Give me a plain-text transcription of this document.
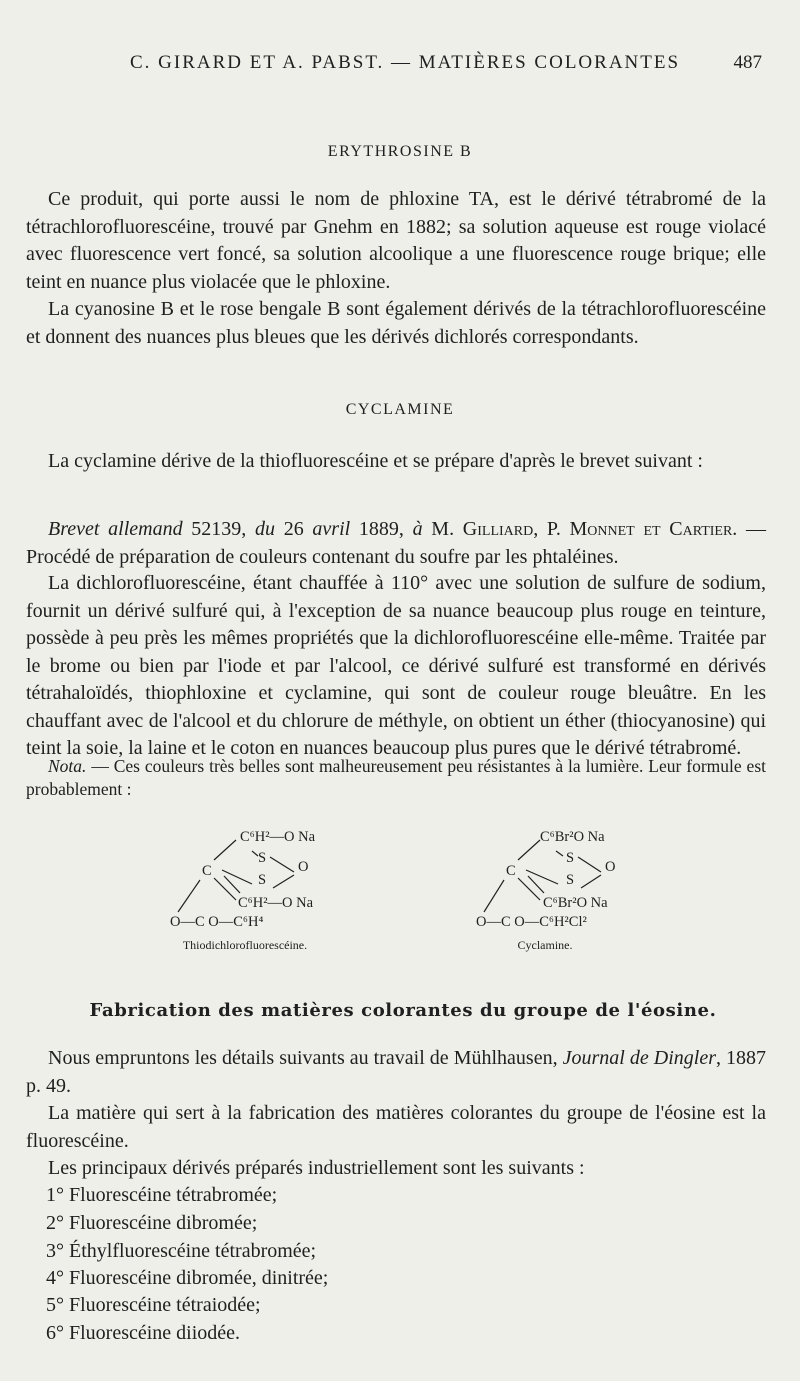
C. GIRARD ET A. PABST. — MATIÈRES COLORANTES	487
ERYTHROSINE B
Ce produit, qui porte aussi le nom de phloxine TA, est le dérivé tétrabromé de la tétrachlorofluorescéine, trouvé par Gnehm en 1882; sa solution aqueuse est rouge violacé avec fluorescence vert foncé, sa solution alcoolique a une fluorescence rouge brique; elle teint en nuance plus violacée que le phloxine.
La cyanosine B et le rose bengale B sont également dérivés de la tétrachlorofluorescéine et donnent des nuances plus bleues que les dérivés dichlorés correspondants.
CYCLAMINE
La cyclamine dérive de la thiofluorescéine et se prépare d'après le brevet suivant :
Brevet allemand 52139, du 26 avril 1889, à M. Gilliard, P. Monnet et Cartier. — Procédé de préparation de couleurs contenant du soufre par les phtaléines.
La dichlorofluorescéine, étant chauffée à 110° avec une solution de sulfure de sodium, fournit un dérivé sulfuré qui, à l'exception de sa nuance beaucoup plus rouge en teinture, possède à peu près les mêmes propriétés que la dichlorofluorescéine elle-même. Traitée par le brome ou bien par l'iode et par l'alcool, ce dérivé sulfuré est transformé en dérivés tétrahaloïdés, thiophloxine et cyclamine, qui sont de couleur rouge bleuâtre. En les chauffant avec de l'alcool et du chlorure de méthyle, on obtient un éther (thiocyanosine) qui teint la soie, la laine et le coton en nuances beaucoup plus pures que le dérivé tétrabromé.
Nota. — Ces couleurs très belles sont malheureusement peu résistantes à la lumière. Leur formule est probablement :
C⁶H²—O Na
S
O
C
S
C⁶H²—O Na
O—C O—C⁶H⁴
Thiodichlorofluorescéine.
C⁶Br²O Na
S
O
C
S
C⁶Br²O Na
O—C O—C⁶H²Cl²
Cyclamine.
Fabrication des matières colorantes du groupe de l'éosine.
Nous empruntons les détails suivants au travail de Mühlhausen, Journal de Dingler, 1887 p. 49.
La matière qui sert à la fabrication des matières colorantes du groupe de l'éosine est la fluorescéine.
Les principaux dérivés préparés industriellement sont les suivants :
1° Fluorescéine tétrabromée;
2° Fluorescéine dibromée;
3° Éthylfluorescéine tétrabromée;
4° Fluorescéine dibromée, dinitrée;
5° Fluorescéine tétraiodée;
6° Fluorescéine diiodée.
